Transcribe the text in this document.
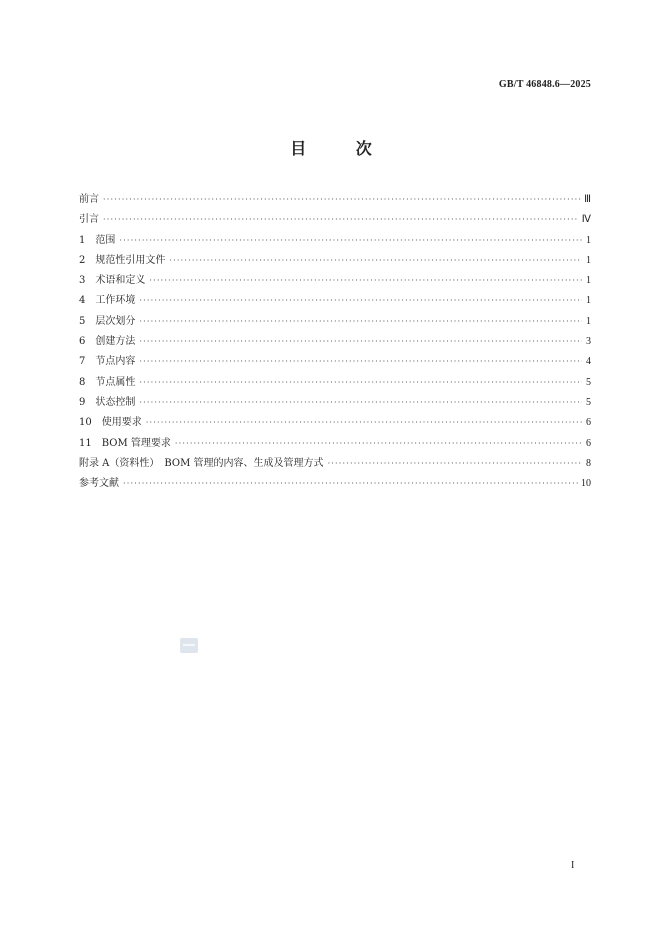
GB/T 46848.6—2025
目 次
前言 ·····	Ⅲ
引言 ·····	Ⅳ
1　范围 ·····	1
2　规范性引用文件 ·····	1
3　术语和定义 ·····	1
4　工作环境 ·····	1
5　层次划分 ·····	1
6　创建方法 ·····	3
7　节点内容 ·····	4
8　节点属性 ·····	5
9　状态控制 ·····	5
10　使用要求 ·····	6
11　BOM 管理要求 ·····	6
附录 A（资料性）　BOM 管理的内容、生成及管理方式 ·····	8
参考文献 ·····	10
I
